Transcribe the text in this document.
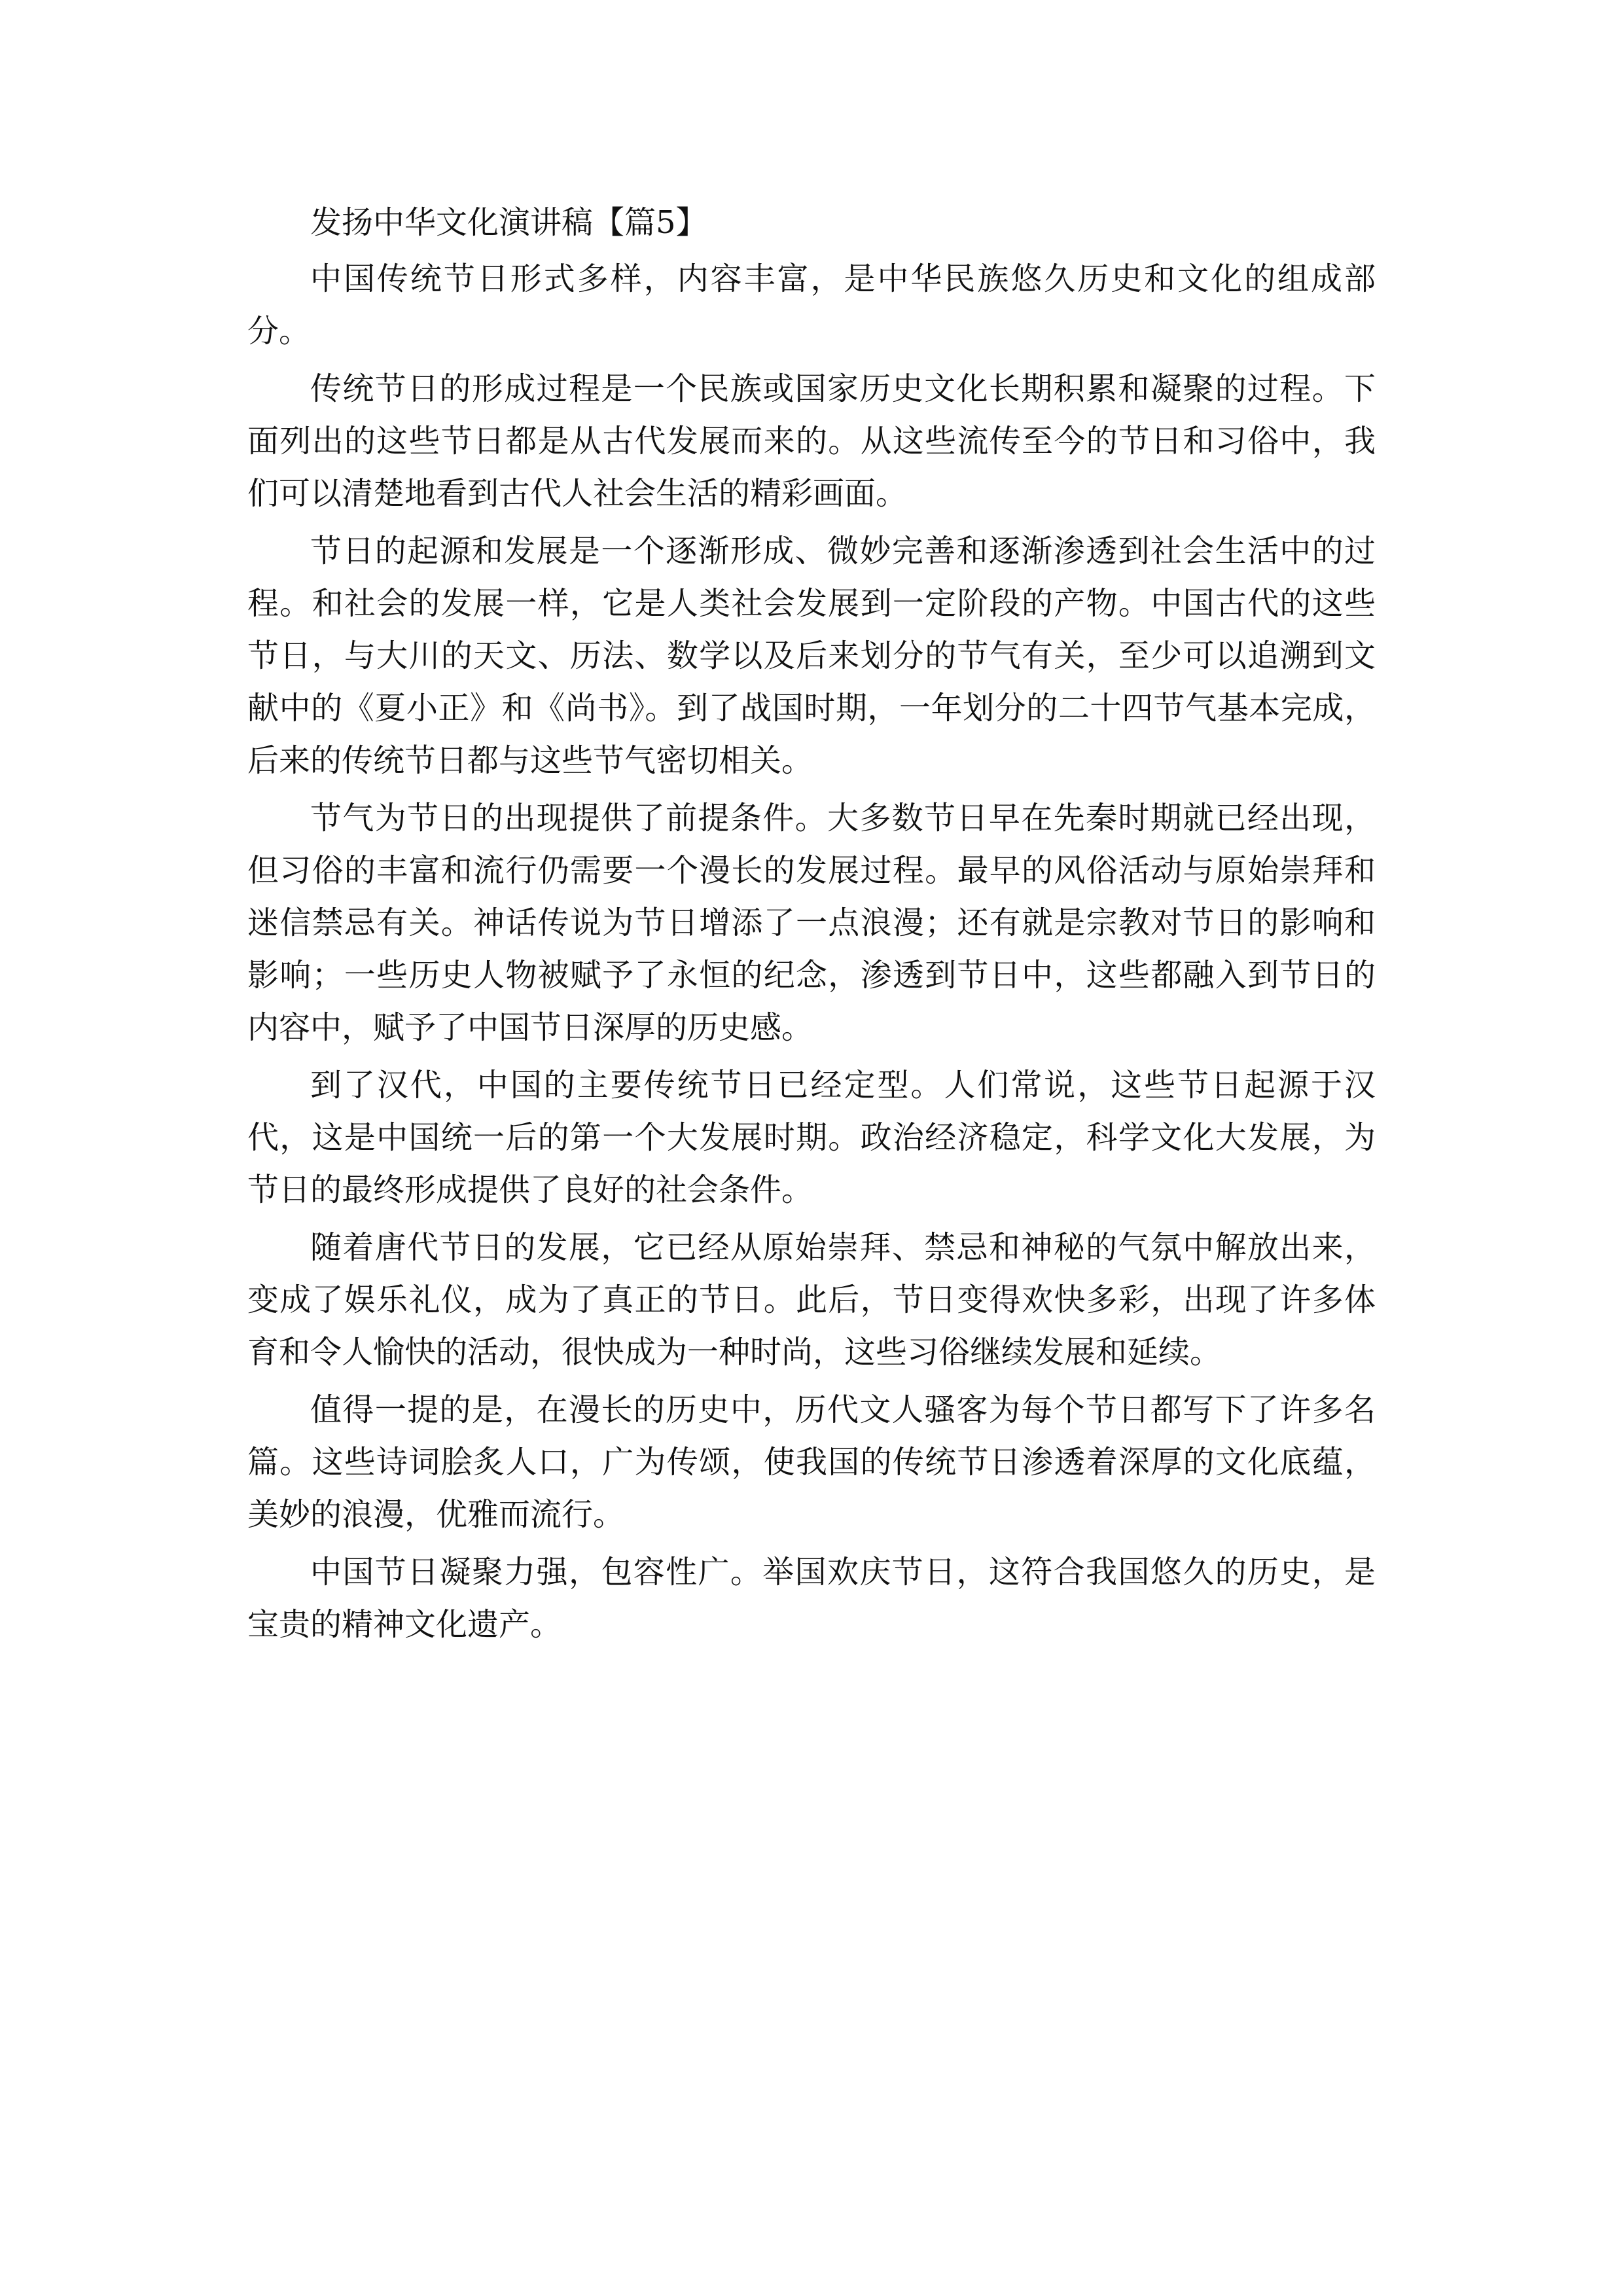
发扬中华文化演讲稿【篇5】

中国传统节日形式多样，内容丰富，是中华民族悠久历史和文化的组成部分。

传统节日的形成过程是一个民族或国家历史文化长期积累和凝聚的过程。下面列出的这些节日都是从古代发展而来的。从这些流传至今的节日和习俗中，我们可以清楚地看到古代人社会生活的精彩画面。

节日的起源和发展是一个逐渐形成、微妙完善和逐渐渗透到社会生活中的过程。和社会的发展一样，它是人类社会发展到一定阶段的产物。中国古代的这些节日，与大川的天文、历法、数学以及后来划分的节气有关，至少可以追溯到文献中的《夏小正》和《尚书》。到了战国时期，一年划分的二十四节气基本完成，后来的传统节日都与这些节气密切相关。

节气为节日的出现提供了前提条件。大多数节日早在先秦时期就已经出现，但习俗的丰富和流行仍需要一个漫长的发展过程。最早的风俗活动与原始崇拜和迷信禁忌有关。神话传说为节日增添了一点浪漫；还有就是宗教对节日的影响和影响；一些历史人物被赋予了永恒的纪念，渗透到节日中，这些都融入到节日的内容中，赋予了中国节日深厚的历史感。

到了汉代，中国的主要传统节日已经定型。人们常说，这些节日起源于汉代，这是中国统一后的第一个大发展时期。政治经济稳定，科学文化大发展，为节日的最终形成提供了良好的社会条件。

随着唐代节日的发展，它已经从原始崇拜、禁忌和神秘的气氛中解放出来，变成了娱乐礼仪，成为了真正的节日。此后，节日变得欢快多彩，出现了许多体育和令人愉快的活动，很快成为一种时尚，这些习俗继续发展和延续。

值得一提的是，在漫长的历史中，历代文人骚客为每个节日都写下了许多名篇。这些诗词脍炙人口，广为传颂，使我国的传统节日渗透着深厚的文化底蕴，美妙的浪漫，优雅而流行。

中国节日凝聚力强，包容性广。举国欢庆节日，这符合我国悠久的历史，是宝贵的精神文化遗产。
